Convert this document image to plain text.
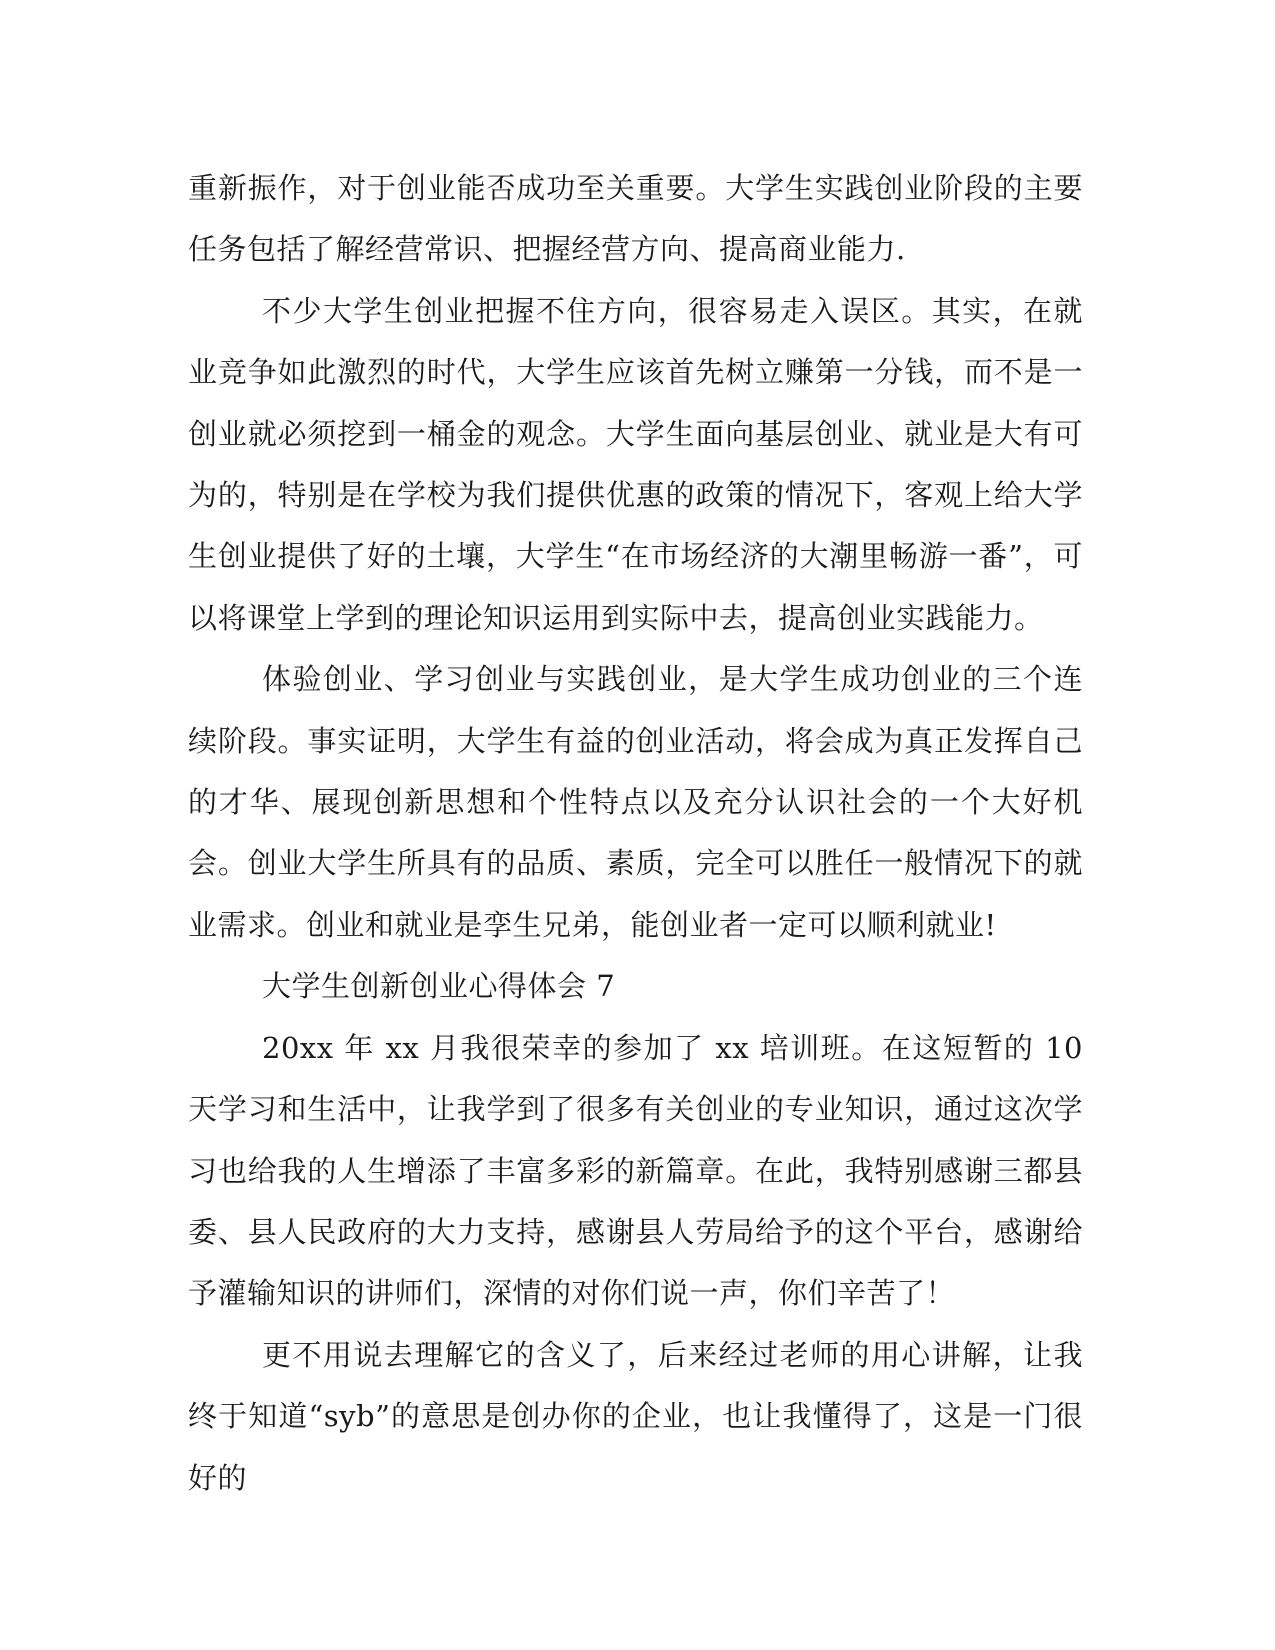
重新振作，对于创业能否成功至关重要。大学生实践创业阶段的主要任务包括了解经营常识、把握经营方向、提高商业能力.

不少大学生创业把握不住方向，很容易走入误区。其实，在就业竞争如此激烈的时代，大学生应该首先树立赚第一分钱，而不是一创业就必须挖到一桶金的观念。大学生面向基层创业、就业是大有可为的，特别是在学校为我们提供优惠的政策的情况下，客观上给大学生创业提供了好的土壤，大学生“在市场经济的大潮里畅游一番”，可以将课堂上学到的理论知识运用到实际中去，提高创业实践能力。

体验创业、学习创业与实践创业，是大学生成功创业的三个连续阶段。事实证明，大学生有益的创业活动，将会成为真正发挥自己的才华、展现创新思想和个性特点以及充分认识社会的一个大好机会。创业大学生所具有的品质、素质，完全可以胜任一般情况下的就业需求。创业和就业是孪生兄弟，能创业者一定可以顺利就业!

大学生创新创业心得体会 7

20xx 年 xx 月我很荣幸的参加了 xx 培训班。在这短暂的 10 天学习和生活中，让我学到了很多有关创业的专业知识，通过这次学习也给我的人生增添了丰富多彩的新篇章。在此，我特别感谢三都县委、县人民政府的大力支持，感谢县人劳局给予的这个平台，感谢给予灌输知识的讲师们，深情的对你们说一声，你们辛苦了！

更不用说去理解它的含义了，后来经过老师的用心讲解，让我终于知道“syb”的意思是创办你的企业，也让我懂得了，这是一门很好的
